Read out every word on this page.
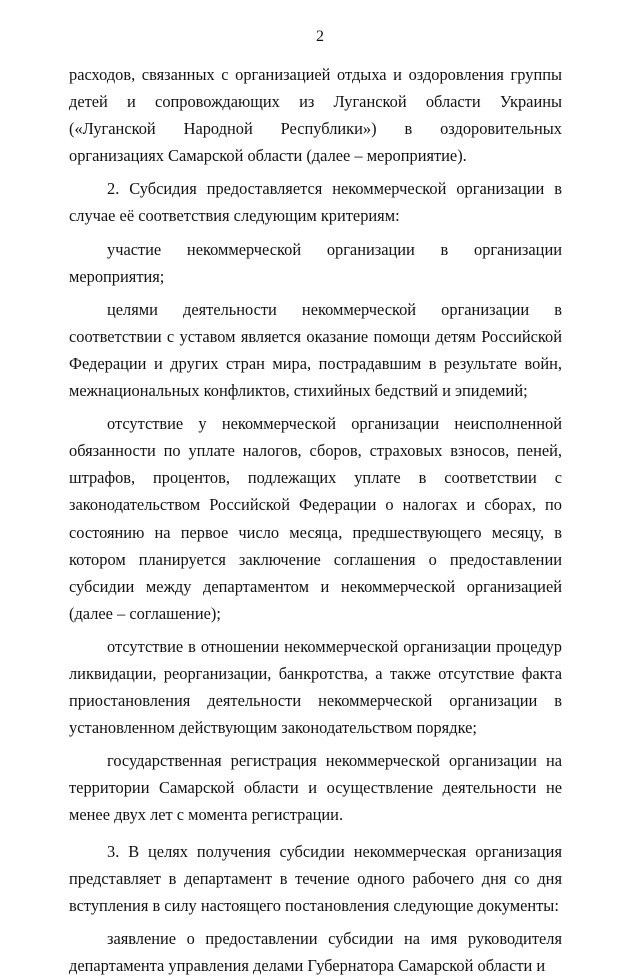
2

расходов, связанных с организацией отдыха и оздоровления группы детей и сопровождающих из Луганской области Украины («Луганской Народной Республики») в оздоровительных организациях Самарской области (далее – мероприятие).

2. Субсидия предоставляется некоммерческой организации в случае её соответствия следующим критериям:

участие некоммерческой организации в организации мероприятия;

целями деятельности некоммерческой организации в соответствии с уставом является оказание помощи детям Российской Федерации и других стран мира, пострадавшим в результате войн, межнациональных конфликтов, стихийных бедствий и эпидемий;

отсутствие у некоммерческой организации неисполненной обязанности по уплате налогов, сборов, страховых взносов, пеней, штрафов, процентов, подлежащих уплате в соответствии с законодательством Российской Федерации о налогах и сборах, по состоянию на первое число месяца, предшествующего месяцу, в котором планируется заключение соглашения о предоставлении субсидии между департаментом и некоммерческой организацией (далее – соглашение);

отсутствие в отношении некоммерческой организации процедур ликвидации, реорганизации, банкротства, а также отсутствие факта приостановления деятельности некоммерческой организации в установленном действующим законодательством порядке;

государственная регистрация некоммерческой организации на территории Самарской области и осуществление деятельности не менее двух лет с момента регистрации.

3. В целях получения субсидии некоммерческая организация представляет в департамент в течение одного рабочего дня со дня вступления в силу настоящего постановления следующие документы:

заявление о предоставлении субсидии на имя руководителя департамента управления делами Губернатора Самарской области и
